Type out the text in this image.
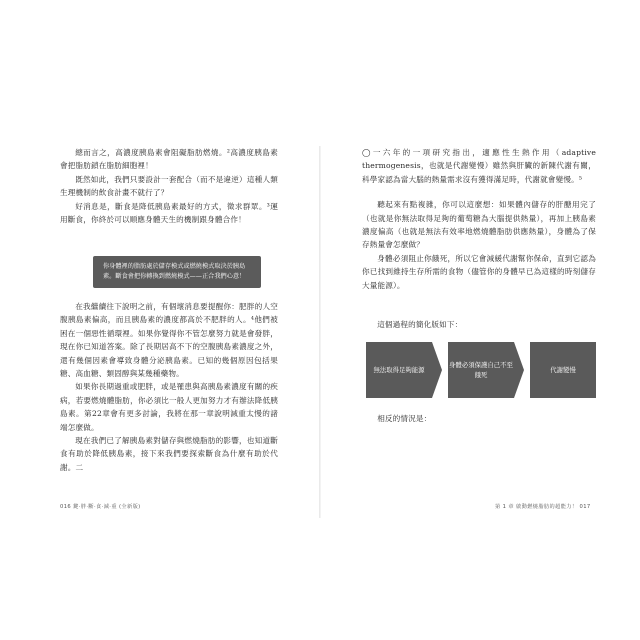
總而言之，高濃度胰島素會阻礙脂肪燃燒。²高濃度胰島素會把脂肪鎖在脂肪細胞裡！

既然如此，我們只要設計一套配合（而不是違逆）這種人類生理機制的飲食計畫不就行了？

好消息是，斷食是降低胰島素最好的方式，徵求群眾。³運用斷食，你終於可以順應身體天生的機制跟身體合作！

你身體裡的脂肪處於儲存模式或燃燒模式取決於胰島素。斷食會把你轉換到燃燒模式——正合我們心意！

在我繼續往下說明之前，有個壞消息要提醒你：肥胖的人空腹胰島素偏高，而且胰島素的濃度都高於不肥胖的人。⁴他們被困在一個惡性循環裡。如果你覺得你不管怎麼努力就是會發胖，現在你已知道答案。除了長期居高不下的空腹胰島素濃度之外，還有幾個因素會導致身體分泌胰島素。已知的幾個原因包括果糖、高血糖、類固醇與某幾種藥物。

如果你長期過重或肥胖，或是罹患與高胰島素濃度有關的疾病，若要燃燒體脂肪，你必須比一般人更加努力才有辦法降低胰島素。第22章會有更多討論，我將在那一章說明減重太慢的諸端怎麼做。

現在我們已了解胰島素對儲存與燃燒脂肪的影響，也知道斷食有助於降低胰島素，接下來我們要探索斷食為什麼有助於代謝。二

016 鍵·胖·斷·食·減·重 (全新版)

◯一六年的一項研究指出，適應性生熱作用（adaptive thermogenesis，也就是代謝變慢）雖然與肝臟的新陳代謝有關，科學家認為當大腦的熱量需求沒有獲得滿足時，代謝就會變慢。⁵

聽起來有點複雜，你可以這麼想：如果體內儲存的肝醣用完了（也就是你無法取得足夠的葡萄糖為大腦提供熱量），再加上胰島素濃度偏高（也就是無法有效率地燃燒體脂肪供應熱量），身體為了保存熱量會怎麼做？

身體必須阻止你餓死，所以它會減緩代謝幫你保命，直到它認為你已找到維持生存所需的食物（儘管你的身體早已為這樣的時刻儲存大量能源）。

這個過程的簡化版如下：

無法取得足夠能源
身體必須保護自己不至餓死
代謝變慢

相反的情況是：

第 1 章 啟動燃燒脂肪的超能力！ 017
